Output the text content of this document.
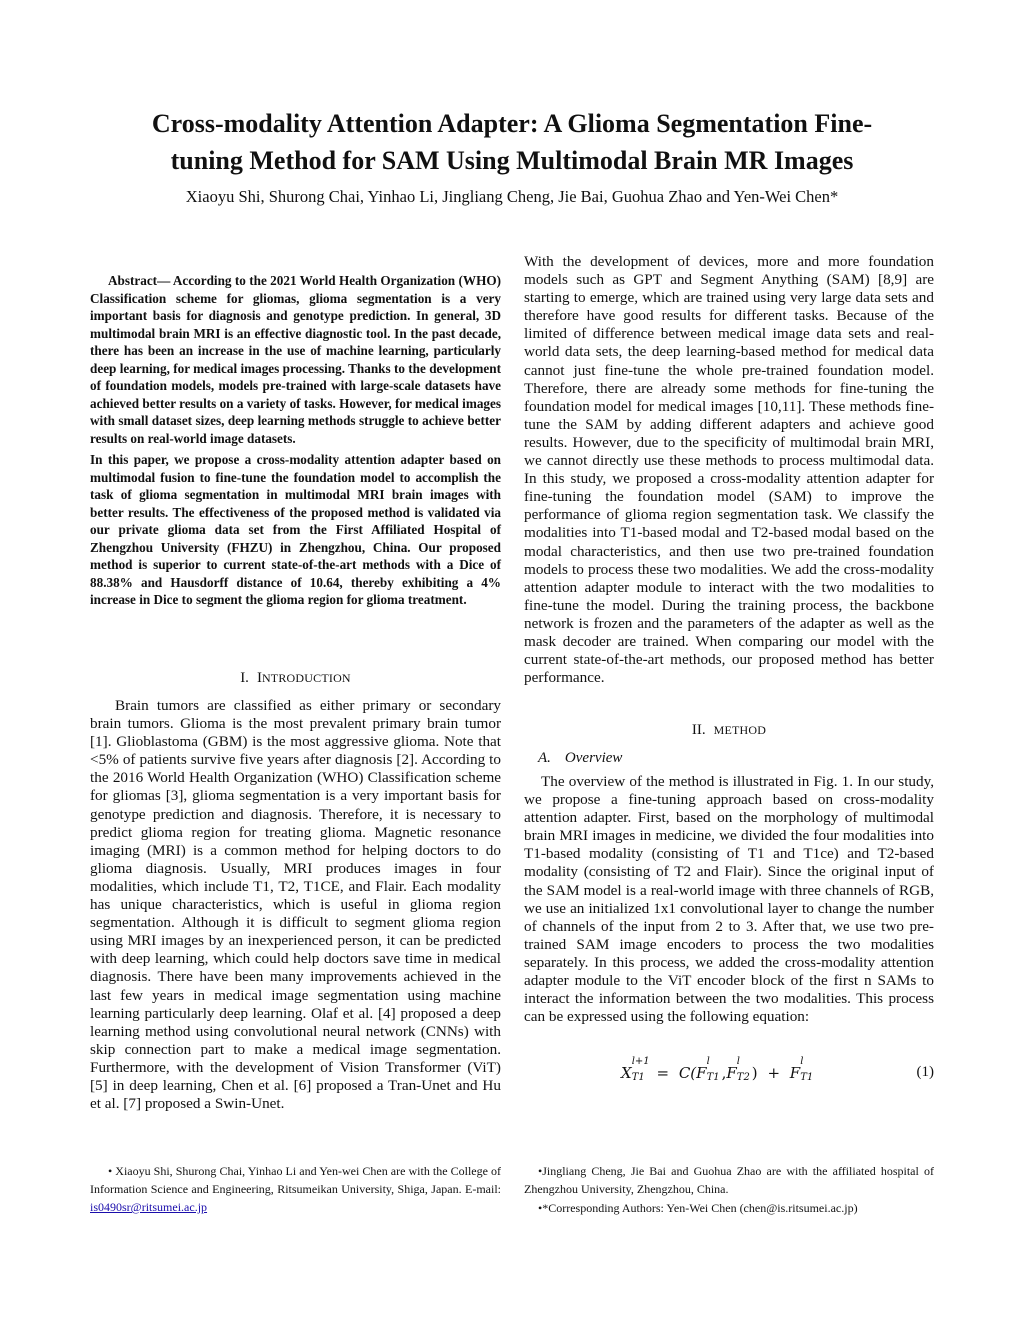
Cross-modality Attention Adapter: A Glioma Segmentation Fine-
tuning Method for SAM Using Multimodal Brain MR Images

Xiaoyu Shi, Shurong Chai, Yinhao Li, Jingliang Cheng, Jie Bai, Guohua Zhao and Yen-Wei Chen*

Abstract— According to the 2021 World Health Organization (WHO) Classification scheme for gliomas, glioma segmentation is a very important basis for diagnosis and genotype prediction. In general, 3D multimodal brain MRI is an effective diagnostic tool. In the past decade, there has been an increase in the use of machine learning, particularly deep learning, for medical images processing. Thanks to the development of foundation models, models pre-trained with large-scale datasets have achieved better results on a variety of tasks. However, for medical images with small dataset sizes, deep learning methods struggle to achieve better results on real-world image datasets.

In this paper, we propose a cross-modality attention adapter based on multimodal fusion to fine-tune the foundation model to accomplish the task of glioma segmentation in multimodal MRI brain images with better results. The effectiveness of the proposed method is validated via our private glioma data set from the First Affiliated Hospital of Zhengzhou University (FHZU) in Zhengzhou, China. Our proposed method is superior to current state-of-the-art methods with a Dice of 88.38% and Hausdorff distance of 10.64, thereby exhibiting a 4% increase in Dice to segment the glioma region for glioma treatment.

I. INTRODUCTION

Brain tumors are classified as either primary or secondary brain tumors. Glioma is the most prevalent primary brain tumor [1]. Glioblastoma (GBM) is the most aggressive glioma. Note that <5% of patients survive five years after diagnosis [2]. According to the 2016 World Health Organization (WHO) Classification scheme for gliomas [3], glioma segmentation is a very important basis for genotype prediction and diagnosis. Therefore, it is necessary to predict glioma region for treating glioma. Magnetic resonance imaging (MRI) is a common method for helping doctors to do glioma diagnosis. Usually, MRI produces images in four modalities, which include T1, T2, T1CE, and Flair. Each modality has unique characteristics, which is useful in glioma region segmentation. Although it is difficult to segment glioma region using MRI images by an inexperienced person, it can be predicted with deep learning, which could help doctors save time in medical diagnosis. There have been many improvements achieved in the last few years in medical image segmentation using machine learning particularly deep learning. Olaf et al. [4] proposed a deep learning method using convolutional neural network (CNNs) with skip connection part to make a medical image segmentation. Furthermore, with the development of Vision Transformer (ViT) [5] in deep learning, Chen et al. [6] proposed a Tran-Unet and Hu et al. [7] proposed a Swin-Unet.

With the development of devices, more and more foundation models such as GPT and Segment Anything (SAM) [8,9] are starting to emerge, which are trained using very large data sets and therefore have good results for different tasks. Because of the limited of difference between medical image data sets and real-world data sets, the deep learning-based method for medical data cannot just fine-tune the whole pre-trained foundation model. Therefore, there are already some methods for fine-tuning the foundation model for medical images [10,11]. These methods fine-tune the SAM by adding different adapters and achieve good results. However, due to the specificity of multimodal brain MRI, we cannot directly use these methods to process multimodal data. In this study, we proposed a cross-modality attention adapter for fine-tuning the foundation model (SAM) to improve the performance of glioma region segmentation task. We classify the modalities into T1-based modal and T2-based modal based on the modal characteristics, and then use two pre-trained foundation models to process these two modalities. We add the cross-modality attention adapter module to interact with the two modalities to fine-tune the model. During the training process, the backbone network is frozen and the parameters of the adapter as well as the mask decoder are trained. When comparing our model with the current state-of-the-art methods, our proposed method has better performance.

II. METHOD
A. Overview

The overview of the method is illustrated in Fig. 1. In our study, we propose a fine-tuning approach based on cross-modality attention adapter. First, based on the morphology of multimodal brain MRI images in medicine, we divided the four modalities into T1-based modality (consisting of T1 and T1ce) and T2-based modality (consisting of T2 and Flair). Since the original input of the SAM model is a real-world image with three channels of RGB, we use an initialized 1x1 convolutional layer to change the number of channels of the input from 2 to 3. After that, we use two pre-trained SAM image encoders to process the two modalities separately. In this process, we added the cross-modality attention adapter module to the ViT encoder block of the first n SAMs to interact the information between the two modalities. This process can be expressed using the following equation:

X
l+1
T1 = C(F
l
T1 ,F
l
T2 ) + F
l
T1	(1)

• Xiaoyu Shi, Shurong Chai, Yinhao Li and Yen-wei Chen are with the College of Information Science and Engineering, Ritsumeikan University, Shiga, Japan. E-mail: is0490sr@ritsumei.ac.jp

•Jingliang Cheng, Jie Bai and Guohua Zhao are with the affiliated hospital of Zhengzhou University, Zhengzhou, China.

•*Corresponding Authors: Yen-Wei Chen (chen@is.ritsumei.ac.jp)
